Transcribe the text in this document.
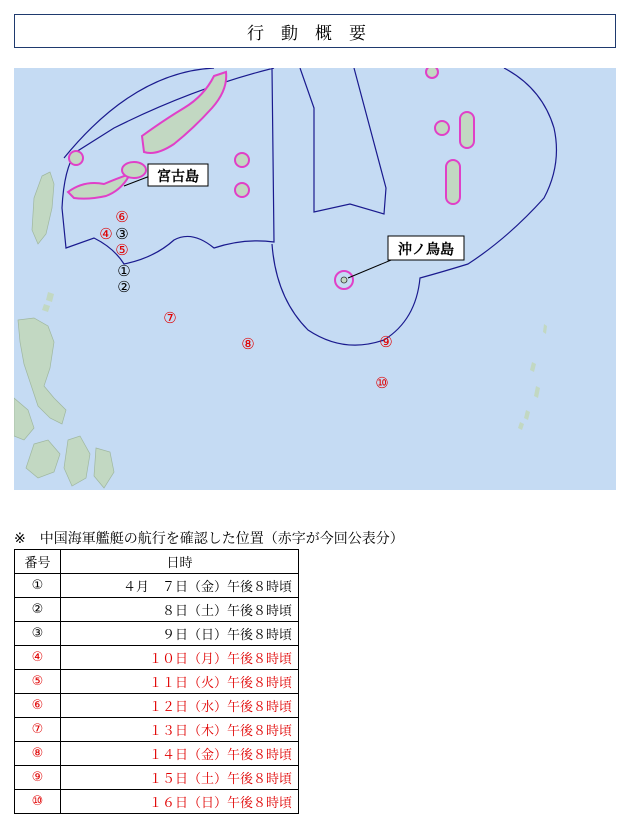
行動概要
宮古島
沖ノ鳥島
①
②
③
④
⑤
⑥
⑦
⑧	⑨
⑩
※　中国海軍艦艇の航行を確認した位置（赤字が今回公表分）
番号	日時
①	４月　７日（金）午後８時頃
②	８日（土）午後８時頃
③	９日（日）午後８時頃
④	１０日（月）午後８時頃
⑤	１１日（火）午後８時頃
⑥	１２日（水）午後８時頃
⑦	１３日（木）午後８時頃
⑧	１４日（金）午後８時頃
⑨	１５日（土）午後８時頃
⑩	１６日（日）午後８時頃
